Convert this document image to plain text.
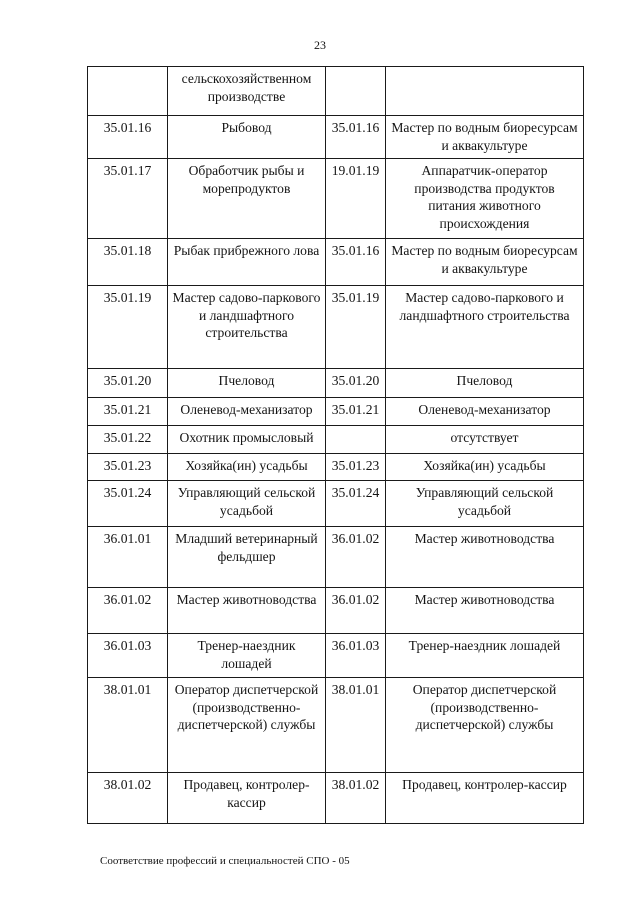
23
	сельскохозяйственном производстве		
35.01.16	Рыбовод	35.01.16	Мастер по водным биоресурсам и аквакультуре
35.01.17	Обработчик рыбы и морепродуктов	19.01.19	Аппаратчик-оператор производства продуктов питания животного происхождения
35.01.18	Рыбак прибрежного лова	35.01.16	Мастер по водным биоресурсам и аквакультуре
35.01.19	Мастер садово-паркового и ландшафтного строительства	35.01.19	Мастер садово-паркового и ландшафтного строительства
35.01.20	Пчеловод	35.01.20	Пчеловод
35.01.21	Оленевод-механизатор	35.01.21	Оленевод-механизатор
35.01.22	Охотник промысловый		отсутствует
35.01.23	Хозяйка(ин) усадьбы	35.01.23	Хозяйка(ин) усадьбы
35.01.24	Управляющий сельской усадьбой	35.01.24	Управляющий сельской усадьбой
36.01.01	Младший ветеринарный фельдшер	36.01.02	Мастер животноводства
36.01.02	Мастер животноводства	36.01.02	Мастер животноводства
36.01.03	Тренер-наездник лошадей	36.01.03	Тренер-наездник лошадей
38.01.01	Оператор диспетчерской (производственно-диспетчерской) службы	38.01.01	Оператор диспетчерской (производственно-диспетчерской) службы
38.01.02	Продавец, контролер-кассир	38.01.02	Продавец, контролер-кассир
Соответствие профессий и специальностей СПО - 05
